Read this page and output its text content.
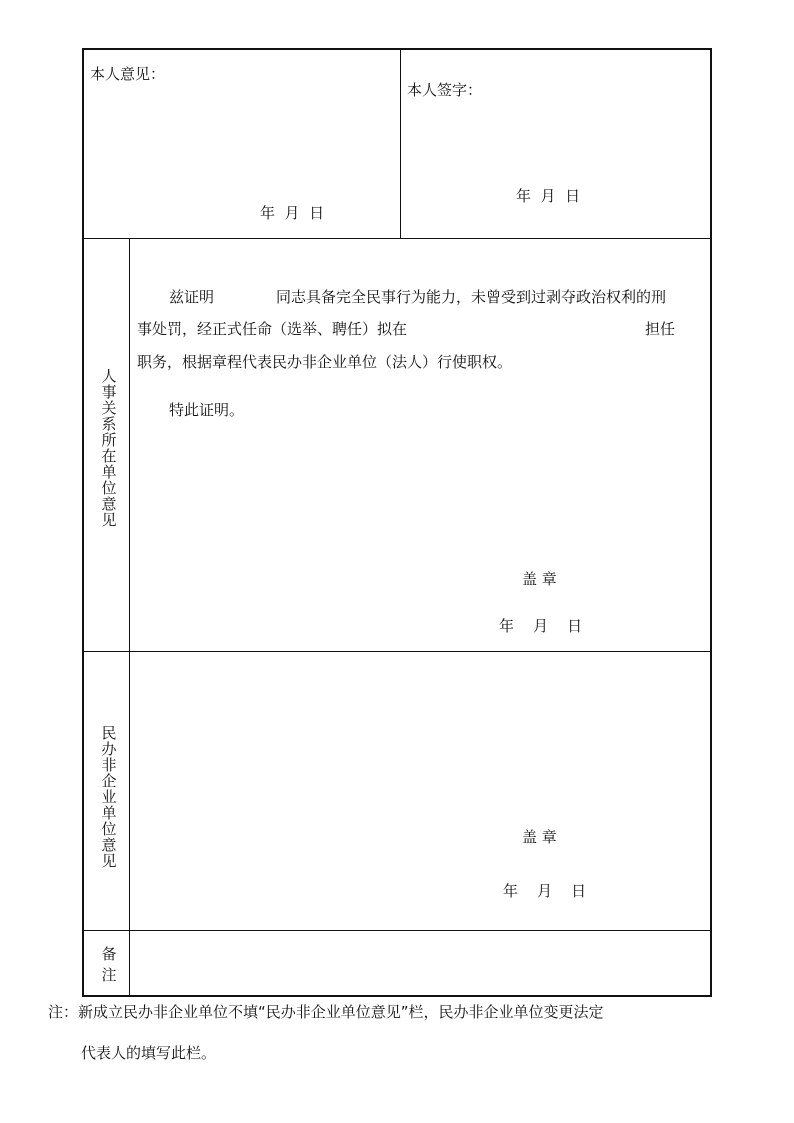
本人意见：
年  月  日
本人签字：
年  月  日
人事关系所在单位意见
兹证明	同志具备完全民事行为能力，未曾受到过剥夺政治权利的刑
事处罚，经正式任命（选举、聘任）拟在	担任
职务，根据章程代表民办非企业单位（法人）行使职权。
特此证明。
盖 章
年    月    日
民办非企业单位意见
盖 章
年    月    日
备注
注：新成立民办非企业单位不填“民办非企业单位意见”栏，民办非企业单位变更法定
代表人的填写此栏。
